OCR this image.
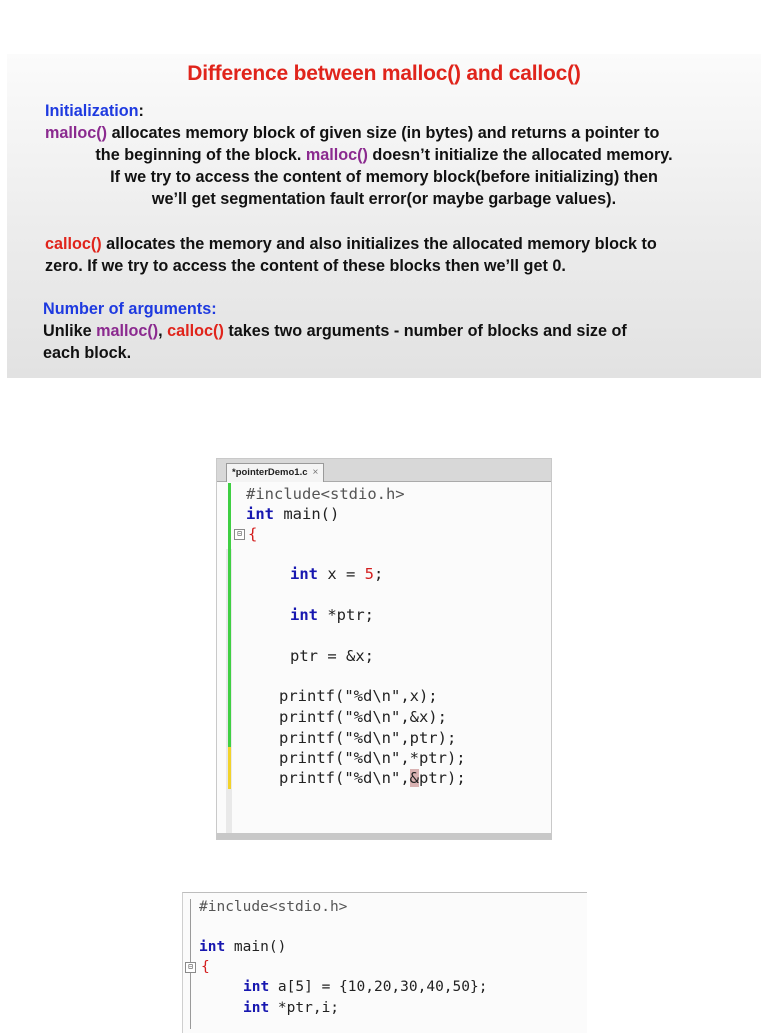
Difference between malloc() and calloc()
Initialization:
malloc() allocates memory block of given size (in bytes) and returns a pointer to
the beginning of the block. malloc() doesn’t initialize the allocated memory.
If we try to access the content of memory block(before initializing) then
we’ll get segmentation fault error(or maybe garbage values).
calloc() allocates the memory and also initializes the allocated memory block to
zero. If we try to access the content of these blocks then we’ll get 0.
Number of arguments:
Unlike malloc(), calloc() takes two arguments - number of blocks and size of
each block.
*pointerDemo1.c ×
⊟
#include<stdio.h>
int main()
{
int x = 5;
int *ptr;
ptr = &x;
printf("%d\n",x);
printf("%d\n",&x);
printf("%d\n",ptr);
printf("%d\n",*ptr);
printf("%d\n",&ptr);
⊟
#include<stdio.h>
int main()
{
int a[5] = {10,20,30,40,50};
int *ptr,i;
